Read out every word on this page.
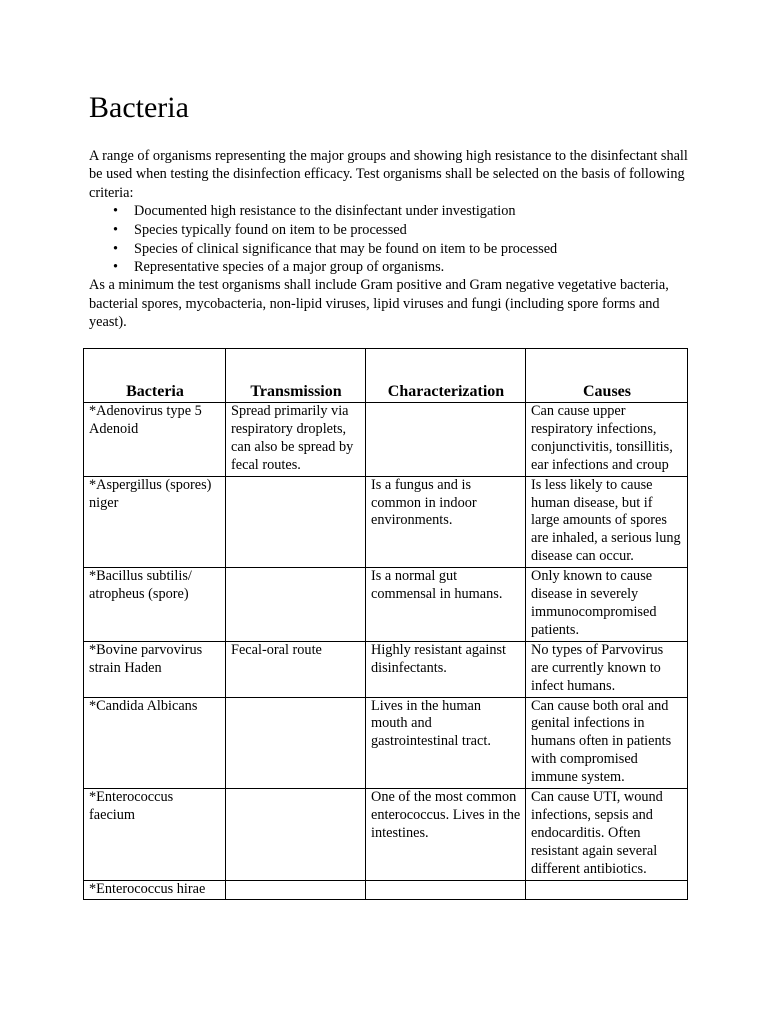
Bacteria

A range of organisms representing the major groups and showing high resistance to the disinfectant shall be used when testing the disinfection efficacy. Test organisms shall be selected on the basis of following criteria:

• Documented high resistance to the disinfectant under investigation
• Species typically found on item to be processed
• Species of clinical significance that may be found on item to be processed
• Representative species of a major group of organisms.

As a minimum the test organisms shall include Gram positive and Gram negative vegetative bacteria, bacterial spores, mycobacteria, non-lipid viruses, lipid viruses and fungi (including spore forms and yeast).

Bacteria	Transmission	Characterization	Causes
*Adenovirus type 5 Adenoid	Spread primarily via respiratory droplets, can also be spread by fecal routes.		Can cause upper respiratory infections, conjunctivitis, tonsillitis, ear infections and croup
*Aspergillus (spores) niger		Is a fungus and is common in indoor environments.	Is less likely to cause human disease, but if large amounts of spores are inhaled, a serious lung disease can occur.
*Bacillus subtilis/ atropheus (spore)		Is a normal gut commensal in humans.	Only known to cause disease in severely immunocompromised patients.
*Bovine parvovirus strain Haden	Fecal-oral route	Highly resistant against disinfectants.	No types of Parvovirus are currently known to infect humans.
*Candida Albicans		Lives in the human mouth and gastrointestinal tract.	Can cause both oral and genital infections in humans often in patients with compromised immune system.
*Enterococcus faecium		One of the most common enterococcus. Lives in the intestines.	Can cause UTI, wound infections, sepsis and endocarditis. Often resistant again several different antibiotics.
*Enterococcus hirae			
